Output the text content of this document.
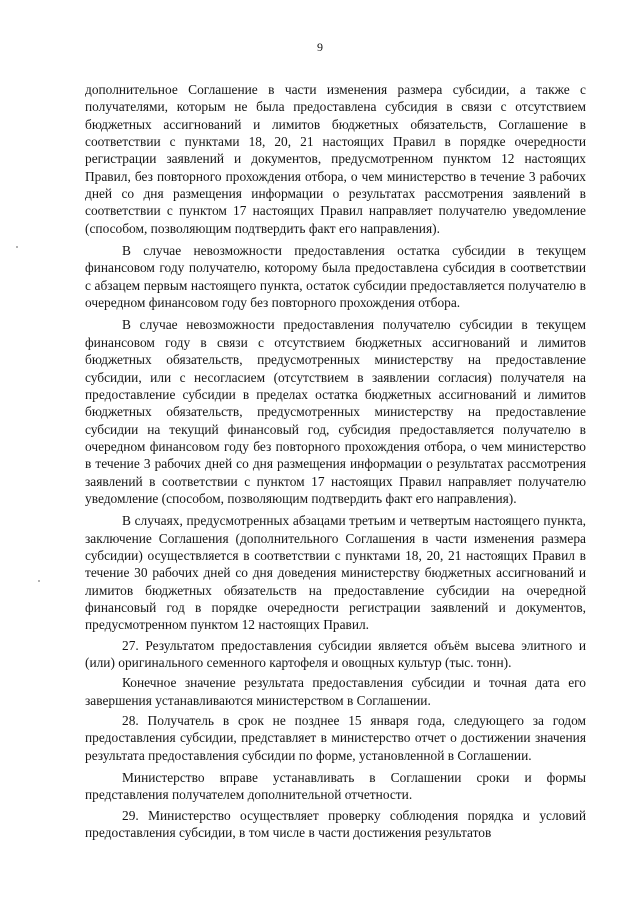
9

дополнительное Соглашение в части изменения размера субсидии, а также с получателями, которым не была предоставлена субсидия в связи с отсутствием бюджетных ассигнований и лимитов бюджетных обязательств, Соглашение в соответствии с пунктами 18, 20, 21 настоящих Правил в порядке очередности регистрации заявлений и документов, предусмотренном пунктом 12 настоящих Правил, без повторного прохождения отбора, о чем министерство в течение 3 рабочих дней со дня размещения информации о результатах рассмотрения заявлений в соответствии с пунктом 17 настоящих Правил направляет получателю уведомление (способом, позволяющим подтвердить факт его направления).

В случае невозможности предоставления остатка субсидии в текущем финансовом году получателю, которому была предоставлена субсидия в соответствии с абзацем первым настоящего пункта, остаток субсидии предоставляется получателю в очередном финансовом году без повторного прохождения отбора.

В случае невозможности предоставления получателю субсидии в текущем финансовом году в связи с отсутствием бюджетных ассигнований и лимитов бюджетных обязательств, предусмотренных министерству на предоставление субсидии, или с несогласием (отсутствием в заявлении согласия) получателя на предоставление субсидии в пределах остатка бюджетных ассигнований и лимитов бюджетных обязательств, предусмотренных министерству на предоставление субсидии на текущий финансовый год, субсидия предоставляется получателю в очередном финансовом году без повторного прохождения отбора, о чем министерство в течение 3 рабочих дней со дня размещения информации о результатах рассмотрения заявлений в соответствии с пунктом 17 настоящих Правил направляет получателю уведомление (способом, позволяющим подтвердить факт его направления).

В случаях, предусмотренных абзацами третьим и четвертым настоящего пункта, заключение Соглашения (дополнительного Соглашения в части изменения размера субсидии) осуществляется в соответствии с пунктами 18, 20, 21 настоящих Правил в течение 30 рабочих дней со дня доведения министерству бюджетных ассигнований и лимитов бюджетных обязательств на предоставление субсидии на очередной финансовый год в порядке очередности регистрации заявлений и документов, предусмотренном пунктом 12 настоящих Правил.

27. Результатом предоставления субсидии является объём высева элитного и (или) оригинального семенного картофеля и овощных культур (тыс. тонн).

Конечное значение результата предоставления субсидии и точная дата его завершения устанавливаются министерством в Соглашении.

28. Получатель в срок не позднее 15 января года, следующего за годом предоставления субсидии, представляет в министерство отчет о достижении значения результата предоставления субсидии по форме, установленной в Соглашении.

Министерство вправе устанавливать в Соглашении сроки и формы представления получателем дополнительной отчетности.

29. Министерство осуществляет проверку соблюдения порядка и условий предоставления субсидии, в том числе в части достижения результатов
